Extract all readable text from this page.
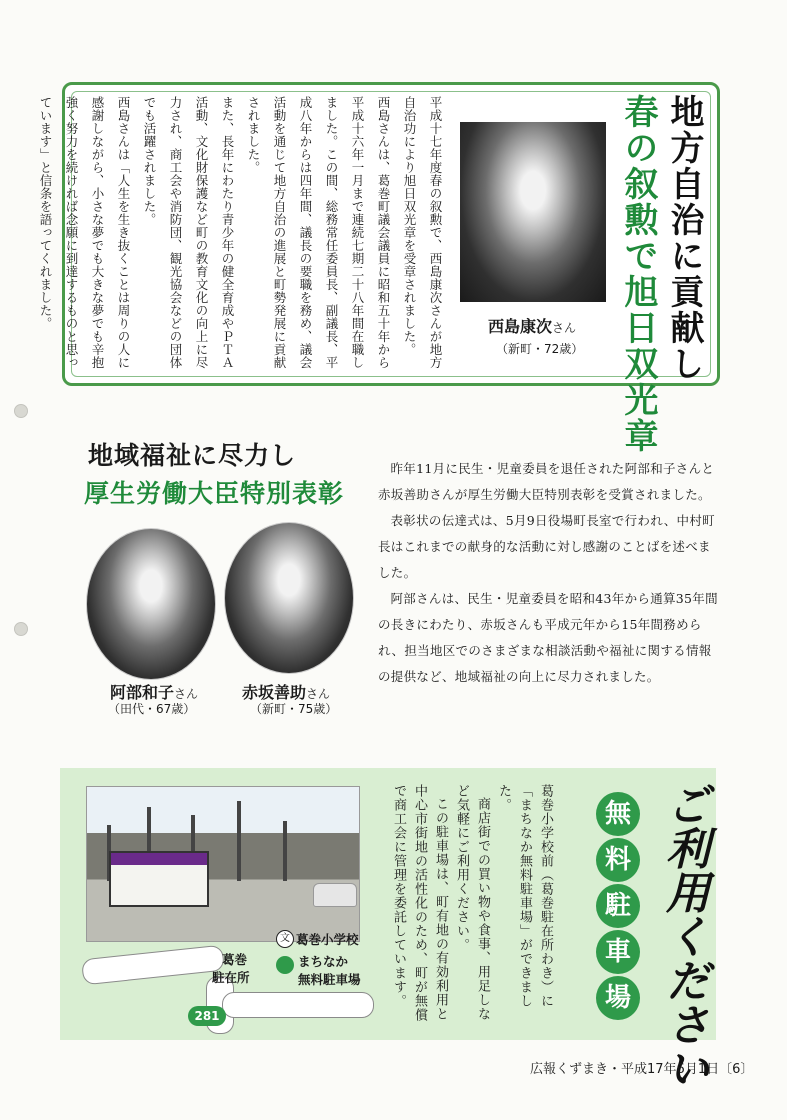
平成十七年度春の叙勲で、西島康次さんが地方自治功により旭日双光章を受章されました。

西島さんは、葛巻町議会議員に昭和五十年から平成十六年一月まで連続七期二十八年間在職しました。この間、総務常任委員長、副議長、平成八年からは四年間、議長の要職を務め、議会活動を通じて地方自治の進展と町勢発展に貢献されました。

また、長年にわたり青少年の健全育成やＰＴＡ活動、文化財保護など町の教育文化の向上に尽力され、商工会や消防団、観光協会などの団体でも活躍されました。

西島さんは「人生を生き抜くことは周りの人に感謝しながら、小さな夢でも大きな夢でも辛抱強く努力を続ければ念願に到達するものと思っています」と信条を語ってくれました。	地方自治に貢献し
春の叙勲で旭日双光章
西島康次さん
（新町・72歳）
地域福祉に尽力し
厚生労働大臣特別表彰

昨年11月に民生・児童委員を退任された阿部和子さんと赤坂善助さんが厚生労働大臣特別表彰を受賞されました。

表彰状の伝達式は、5月9日役場町長室で行われ、中村町長はこれまでの献身的な活動に対し感謝のことばを述べました。

阿部さんは、民生・児童委員を昭和43年から通算35年間の長きにわたり、赤坂さんも平成元年から15年間務められ、担当地区でのさまざまな相談活動や福祉に関する情報の提供など、地域福祉の向上に尽力されました。

阿部和子さん
（田代・67歳）
赤坂善助さん
（新町・75歳）
文 葛巻小学校
まちなか
無料駐車場
葛巻
駐在所
281

葛巻小学校前（葛巻駐在所わき）に「まちなか無料駐車場」ができました。

商店街での買い物や食事、用足しなど気軽にご利用ください。

この駐車場は、町有地の有効利用と中心市街地の活性化のため、町が無償で商工会に管理を委託しています。	ご利用ください
無
料
駐
車
場
広報くずまき・平成17年6月1日〔6〕
